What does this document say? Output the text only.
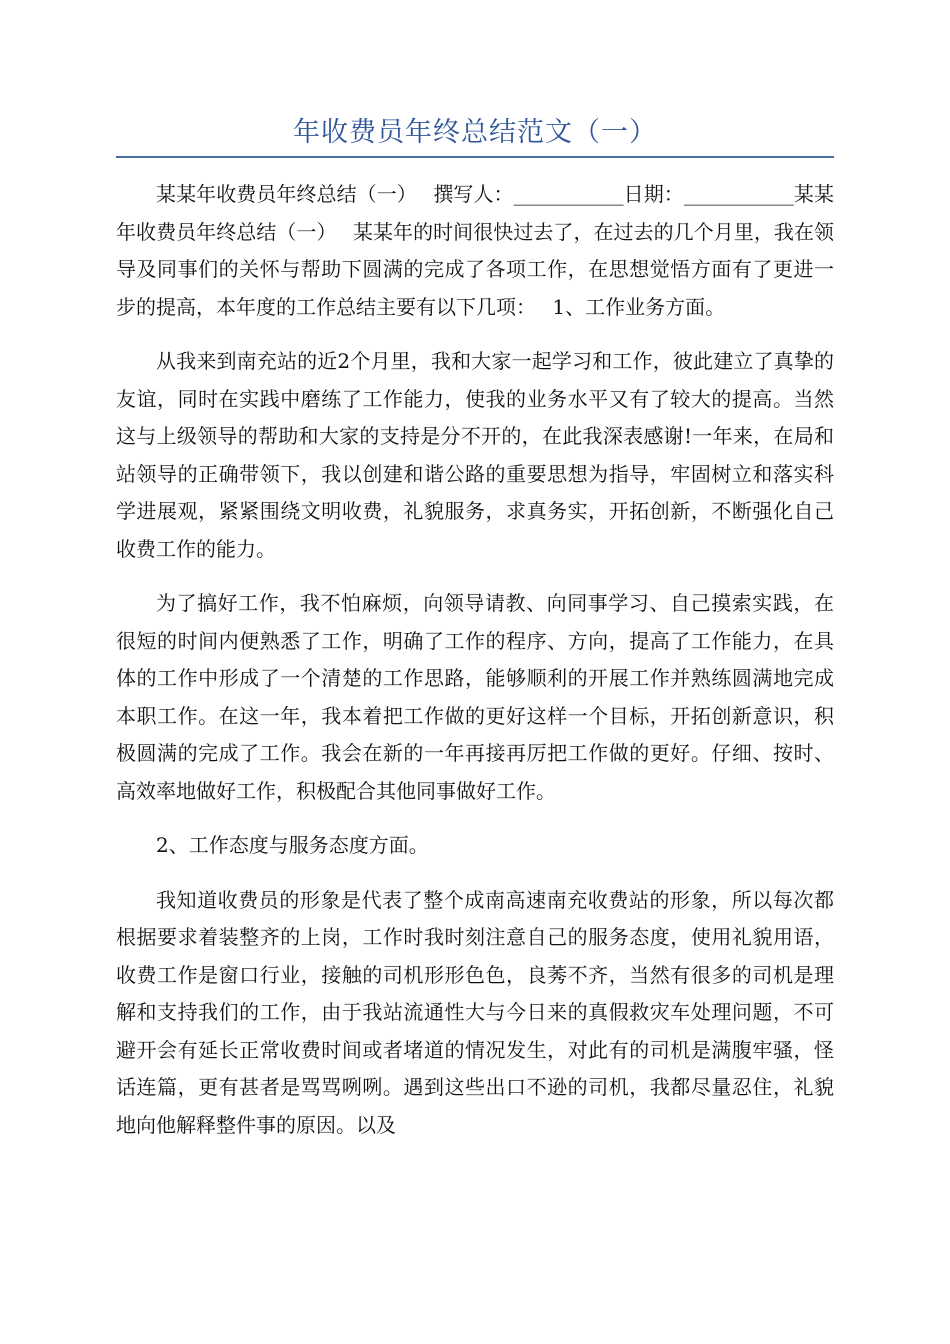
年收费员年终总结范文（一）

某某年收费员年终总结（一）　 撰写人：___________日期：___________某某年收费员年终总结（一）　 某某年的时间很快过去了，在过去的几个月里，我在领导及同事们的关怀与帮助下圆满的完成了各项工作，在思想觉悟方面有了更进一步的提高，本年度的工作总结主要有以下几项：　 1、工作业务方面。

从我来到南充站的近2个月里，我和大家一起学习和工作，彼此建立了真挚的友谊，同时在实践中磨练了工作能力，使我的业务水平又有了较大的提高。当然这与上级领导的帮助和大家的支持是分不开的，在此我深表感谢!一年来，在局和站领导的正确带领下，我以创建和谐公路的重要思想为指导，牢固树立和落实科学进展观，紧紧围绕文明收费，礼貌服务，求真务实，开拓创新，不断强化自己收费工作的能力。

为了搞好工作，我不怕麻烦，向领导请教、向同事学习、自己摸索实践，在很短的时间内便熟悉了工作，明确了工作的程序、方向，提高了工作能力，在具体的工作中形成了一个清楚的工作思路，能够顺利的开展工作并熟练圆满地完成本职工作。在这一年，我本着把工作做的更好这样一个目标，开拓创新意识，积极圆满的完成了工作。我会在新的一年再接再厉把工作做的更好。仔细、按时、高效率地做好工作，积极配合其他同事做好工作。

2、工作态度与服务态度方面。

我知道收费员的形象是代表了整个成南高速南充收费站的形象，所以每次都根据要求着装整齐的上岗，工作时我时刻注意自己的服务态度，使用礼貌用语，收费工作是窗口行业，接触的司机形形色色，良莠不齐，当然有很多的司机是理解和支持我们的工作，由于我站流通性大与今日来的真假救灾车处理问题，不可避开会有延长正常收费时间或者堵道的情况发生，对此有的司机是满腹牢骚，怪话连篇，更有甚者是骂骂咧咧。遇到这些出口不逊的司机，我都尽量忍住，礼貌地向他解释整件事的原因。以及
